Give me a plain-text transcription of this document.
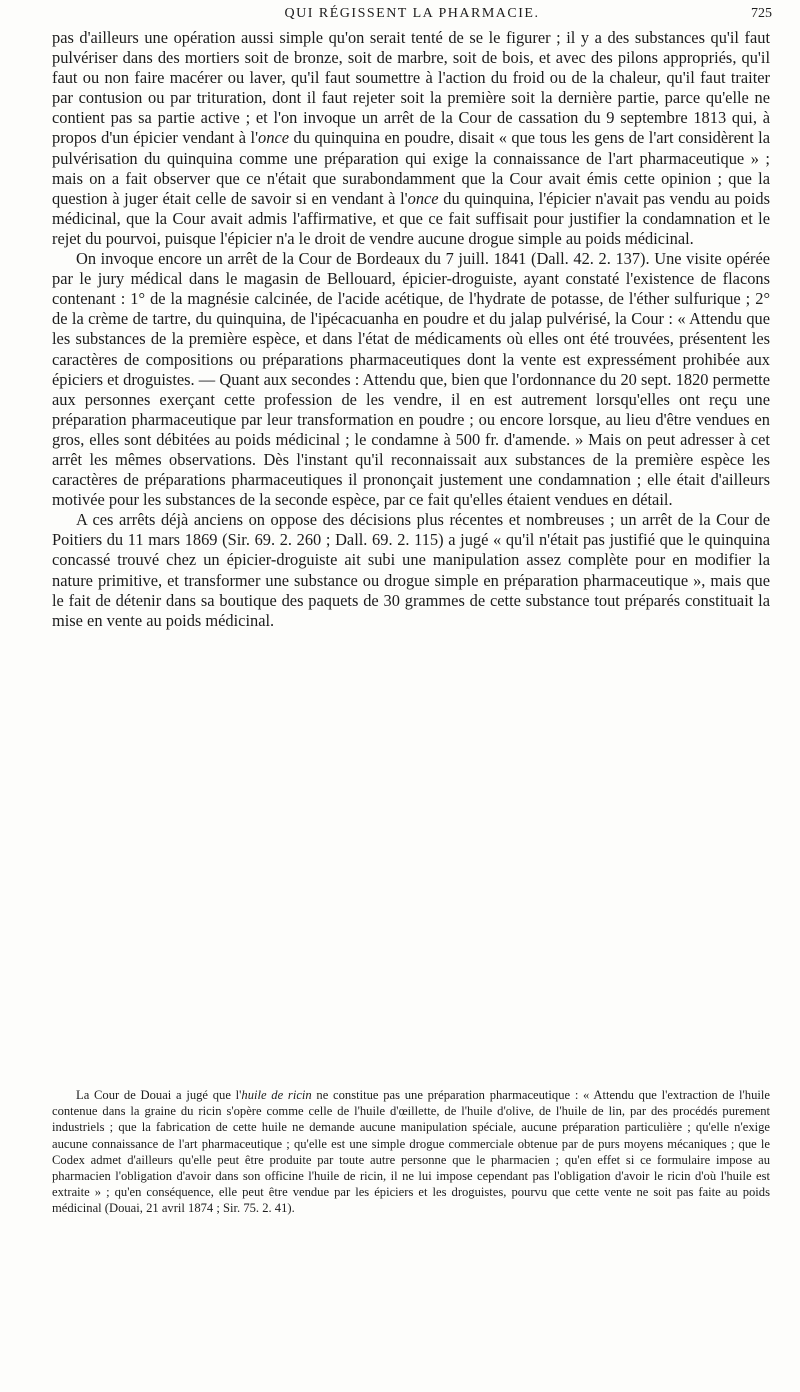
QUI RÉGISSENT LA PHARMACIE.	725

pas d'ailleurs une opération aussi simple qu'on serait tenté de se le figurer ; il y a des substances qu'il faut pulvériser dans des mortiers soit de bronze, soit de marbre, soit de bois, et avec des pilons appropriés, qu'il faut ou non faire macérer ou laver, qu'il faut soumettre à l'action du froid ou de la chaleur, qu'il faut traiter par contusion ou par trituration, dont il faut rejeter soit la première soit la dernière partie, parce qu'elle ne contient pas sa partie active ; et l'on invoque un arrêt de la Cour de cassation du 9 septembre 1813 qui, à propos d'un épicier vendant à l'once du quinquina en poudre, disait « que tous les gens de l'art considèrent la pulvérisation du quinquina comme une préparation qui exige la connaissance de l'art pharmaceutique » ; mais on a fait observer que ce n'était que surabondamment que la Cour avait émis cette opinion ; que la question à juger était celle de savoir si en vendant à l'once du quinquina, l'épicier n'avait pas vendu au poids médicinal, que la Cour avait admis l'affirmative, et que ce fait suffisait pour justifier la condamnation et le rejet du pourvoi, puisque l'épicier n'a le droit de vendre aucune drogue simple au poids médicinal.

On invoque encore un arrêt de la Cour de Bordeaux du 7 juill. 1841 (Dall. 42. 2. 137). Une visite opérée par le jury médical dans le magasin de Bellouard, épicier-droguiste, ayant constaté l'existence de flacons contenant : 1° de la magnésie calcinée, de l'acide acétique, de l'hydrate de potasse, de l'éther sulfurique ; 2° de la crème de tartre, du quinquina, de l'ipécacuanha en poudre et du jalap pulvérisé, la Cour : « Attendu que les substances de la première espèce, et dans l'état de médicaments où elles ont été trouvées, présentent les caractères de compositions ou préparations pharmaceutiques dont la vente est expressément prohibée aux épiciers et droguistes. — Quant aux secondes : Attendu que, bien que l'ordonnance du 20 sept. 1820 permette aux personnes exerçant cette profession de les vendre, il en est autrement lorsqu'elles ont reçu une préparation pharmaceutique par leur transformation en poudre ; ou encore lorsque, au lieu d'être vendues en gros, elles sont débitées au poids médicinal ; le condamne à 500 fr. d'amende. » Mais on peut adresser à cet arrêt les mêmes observations. Dès l'instant qu'il reconnaissait aux substances de la première espèce les caractères de préparations pharmaceutiques il prononçait justement une condamnation ; elle était d'ailleurs motivée pour les substances de la seconde espèce, par ce fait qu'elles étaient vendues en détail.

A ces arrêts déjà anciens on oppose des décisions plus récentes et nombreuses ; un arrêt de la Cour de Poitiers du 11 mars 1869 (Sir. 69. 2. 260 ; Dall. 69. 2. 115) a jugé « qu'il n'était pas justifié que le quinquina concassé trouvé chez un épicier-droguiste ait subi une manipulation assez complète pour en modifier la nature primitive, et transformer une substance ou drogue simple en préparation pharmaceutique », mais que le fait de détenir dans sa boutique des paquets de 30 grammes de cette substance tout préparés constituait la mise en vente au poids médicinal.

La Cour de Douai a jugé que l'huile de ricin ne constitue pas une préparation pharmaceutique : « Attendu que l'extraction de l'huile contenue dans la graine du ricin s'opère comme celle de l'huile d'œillette, de l'huile d'olive, de l'huile de lin, par des procédés purement industriels ; que la fabrication de cette huile ne demande aucune manipulation spéciale, aucune préparation particulière ; qu'elle n'exige aucune connaissance de l'art pharmaceutique ; qu'elle est une simple drogue commerciale obtenue par de purs moyens mécaniques ; que le Codex admet d'ailleurs qu'elle peut être produite par toute autre personne que le pharmacien ; qu'en effet si ce formulaire impose au pharmacien l'obligation d'avoir dans son officine l'huile de ricin, il ne lui impose cependant pas l'obligation d'avoir le ricin d'où l'huile est extraite » ; qu'en conséquence, elle peut être vendue par les épiciers et les droguistes, pourvu que cette vente ne soit pas faite au poids médicinal (Douai, 21 avril 1874 ; Sir. 75. 2. 41).
